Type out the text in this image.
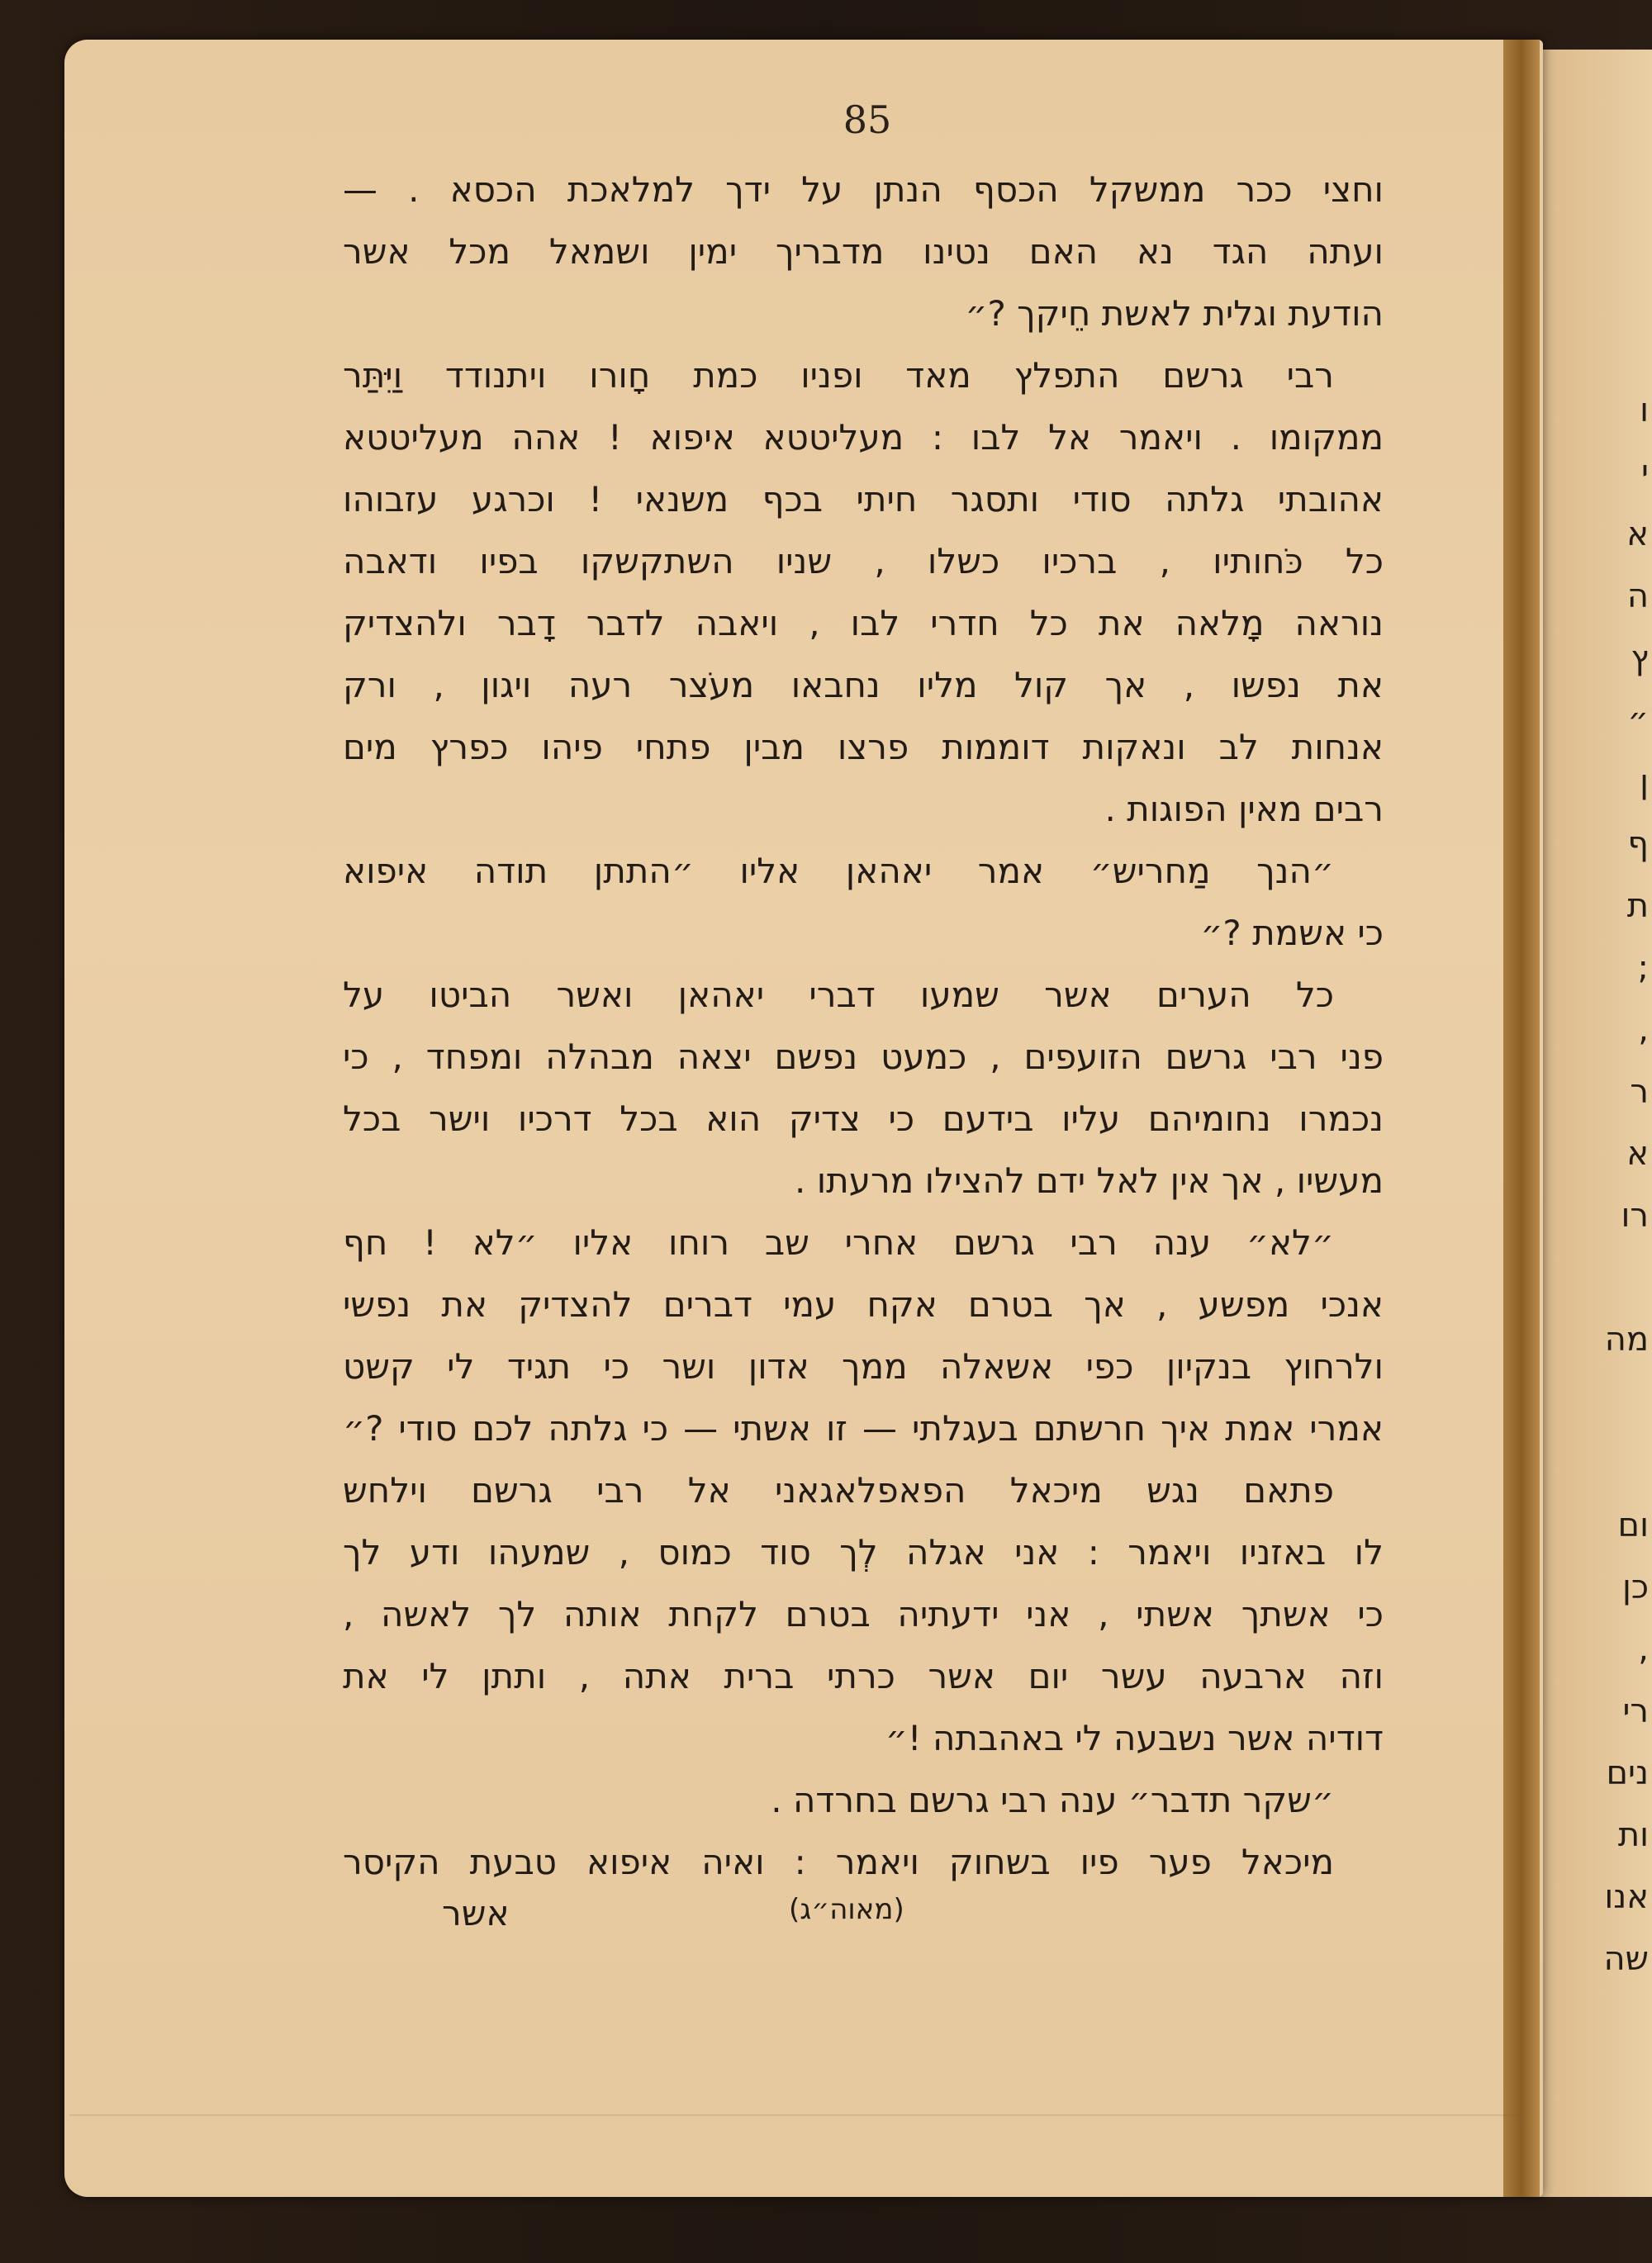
ו
י
א
ה
ץ
״
ן
ף
ת
;
,
ר
א
רו
מה
ום
כן
,
רי
נים
ות
אנו
שה
85
וחצי ככר ממשקל הכסף הנתן על ידך למלאכת הכסא . —
ועתה הגד נא האם נטינו מדבריך ימין ושמאל מכל אשר
הודעת וגלית לאשת חֵיקך ?״
רבי גרשם התפלץ מאד ופניו כמת חָורו ויתנודד וַיִּתַּר
ממקומו . ויאמר אל לבו : מעליטטא איפוא ! אהה מעליטטא
אהובתי גלתה סודי ותסגר חיתי בכף משנאי ! וכרגע עזבוהו
כל כֹּחותיו , ברכיו כשלו , שניו השתקשקו בפיו ודאבה
נוראה מָלאה את כל חדרי לבו , ויאבה לדבר דָבר ולהצדיק
את נפשו , אך קול מליו נחבאו מעֹצר רעה ויגון , ורק
אנחות לב ונאקות דוממות פרצו מבין פתחי פיהו כפרץ מים
רבים מאין הפוגות .
״הנך מַחריש״ אמר יאהאן אליו ״התתן תודה איפוא
כי אשמת ?״
כל הערים אשר שמעו דברי יאהאן ואשר הביטו על
פני רבי גרשם הזועפים , כמעט נפשם יצאה מבהלה ומפחד , כי
נכמרו נחומיהם עליו בידעם כי צדיק הוא בכל דרכיו וישר בכל
מעשיו , אך אין לאל ידם להצילו מרעתו .
״לא״ ענה רבי גרשם אחרי שב רוחו אליו ״לא ! חף
אנכי מפשע , אך בטרם אקח עמי דברים להצדיק את נפשי
ולרחוץ בנקיון כפי אשאלה ממך אדון ושר כי תגיד לי קשט
אמרי אמת איך חרשתם בעגלתי — זו אשתי — כי גלתה לכם סודי ?״
פתאם נגש מיכאל הפאפלאגאני אל רבי גרשם וילחש
לו באזניו ויאמר : אני אגלה לְך סוד כמוס , שמעהו ודע לך
כי אשתך אשתי , אני ידעתיה בטרם לקחת אותה לך לאשה ,
וזה ארבעה עשר יום אשר כרתי ברית אתה , ותתן לי את
דודיה אשר נשבעה לי באהבתה !״
״שקר תדבר״ ענה רבי גרשם בחרדה .
מיכאל פער פיו בשחוק ויאמר : ואיה איפוא טבעת הקיסר
(מאוה״ג)
אשר
